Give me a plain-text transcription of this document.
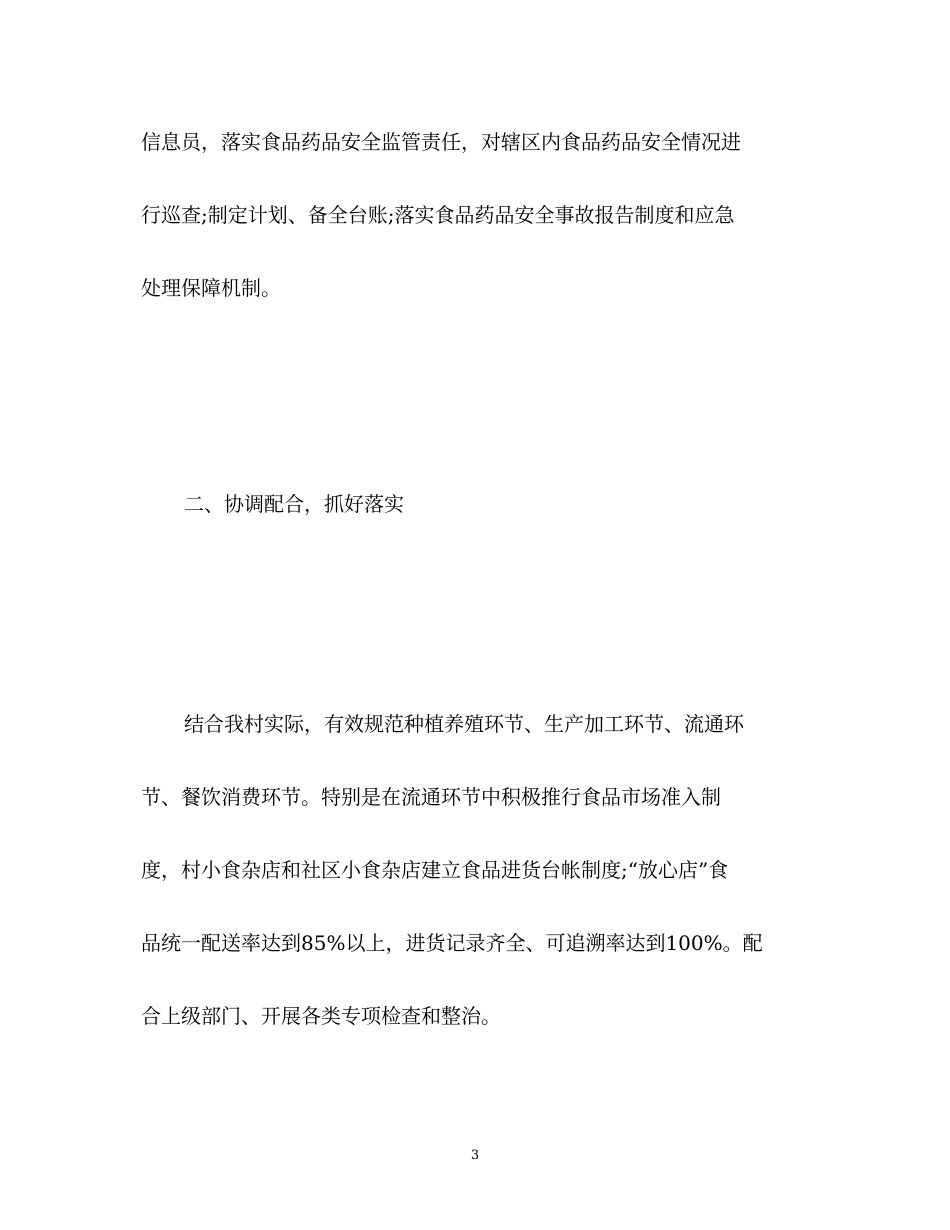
信息员，落实食品药品安全监管责任，对辖区内食品药品安全情况进
行巡查;制定计划、备全台账;落实食品药品安全事故报告制度和应急
处理保障机制。
二、协调配合，抓好落实
结合我村实际，有效规范种植养殖环节、生产加工环节、流通环
节、餐饮消费环节。特别是在流通环节中积极推行食品市场准入制
度，村小食杂店和社区小食杂店建立食品进货台帐制度;“放心店”食
品统一配送率达到85%以上，进货记录齐全、可追溯率达到100%。配
合上级部门、开展各类专项检查和整治。
3
